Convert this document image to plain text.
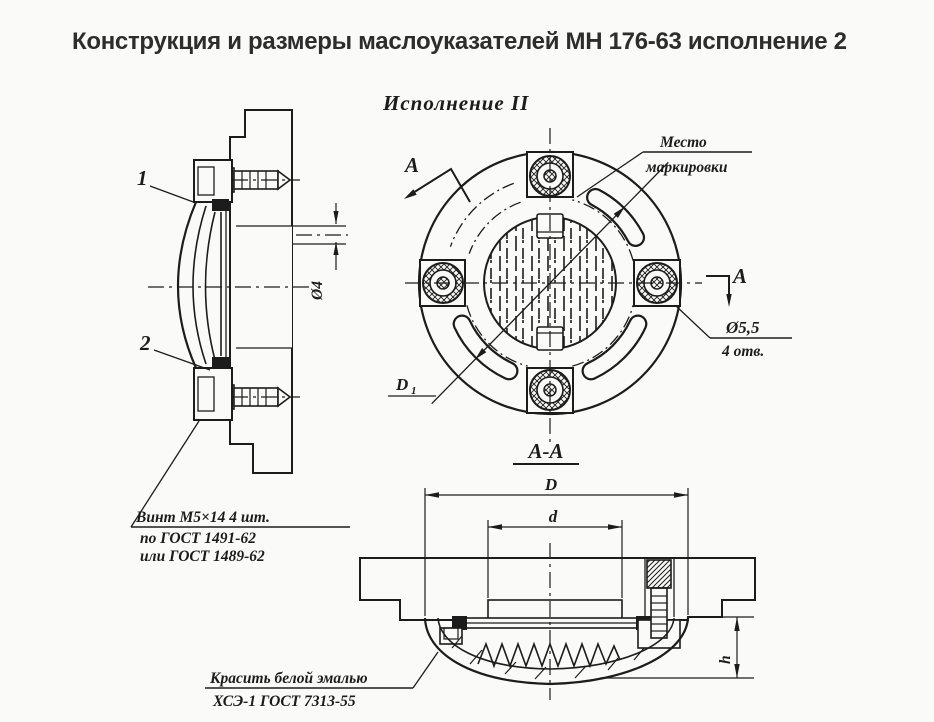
Конструкция и размеры маслоуказателей МН 176-63 исполнение 2
Ø4
1
2
Винт М5×14 4 шт.
по ГОСТ 1491-62
или ГОСТ 1489-62
Исполнение II
D 1
Место
маркировки
Ø5,5
4 отв.
A
A
A-A
D
d
h
Красить белой эмалью
ХСЭ-1 ГОСТ 7313-55
